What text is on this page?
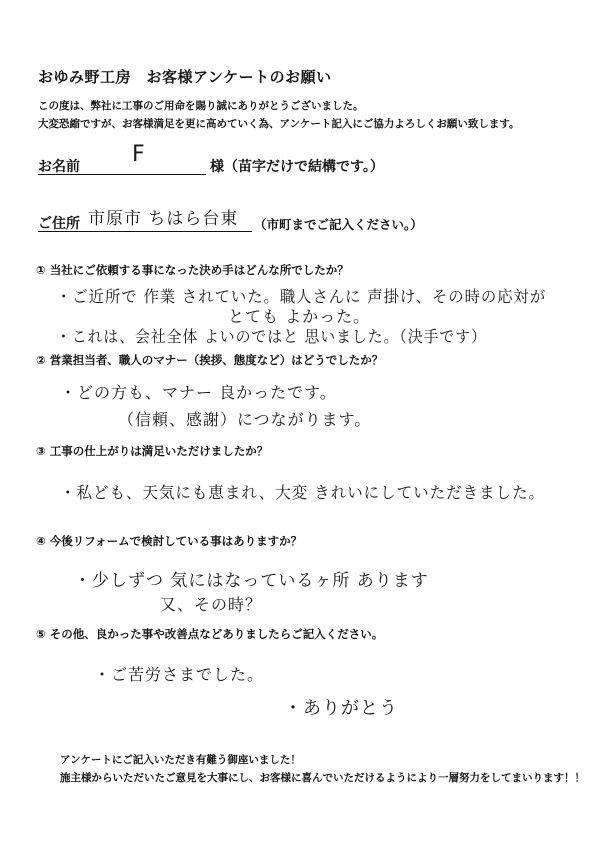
おゆみ野工房　お客様アンケートのお願い
この度は、弊社に工事のご用命を賜り誠にありがとうございました。
大変恐縮ですが、お客様満足を更に高めていく為、アンケート記入にご協力よろしくお願い致します。
お名前 F	様（苗字だけで結構です。）
ご住所 市原市 ちはら台東 （市町までご記入ください。）
① 当社にご依頼する事になった決め手はどんな所でしたか？
・ご近所で 作業 されていた。職人さんに 声掛け、その時の応対が
とても よかった。
・これは、会社全体 よいのではと 思いました。（決手です）
② 営業担当者、職人のマナー（挨拶、態度など）はどうでしたか？
・どの方も、マナー 良かったです。
（信頼、感謝）につながります。
③ 工事の仕上がりは満足いただけましたか？
・私ども、天気にも恵まれ、大変 きれいにしていただきました。
④ 今後リフォームで検討している事はありますか？
・少しずつ 気にはなっているヶ所 あります
又、その時？
⑤ その他、良かった事や改善点などありましたらご記入ください。
・ご苦労さまでした。
・ありがとう
アンケートにご記入いただき有難う御座いました！
施主様からいただいたご意見を大事にし、お客様に喜んでいただけるようにより一層努力をしてまいります！！
